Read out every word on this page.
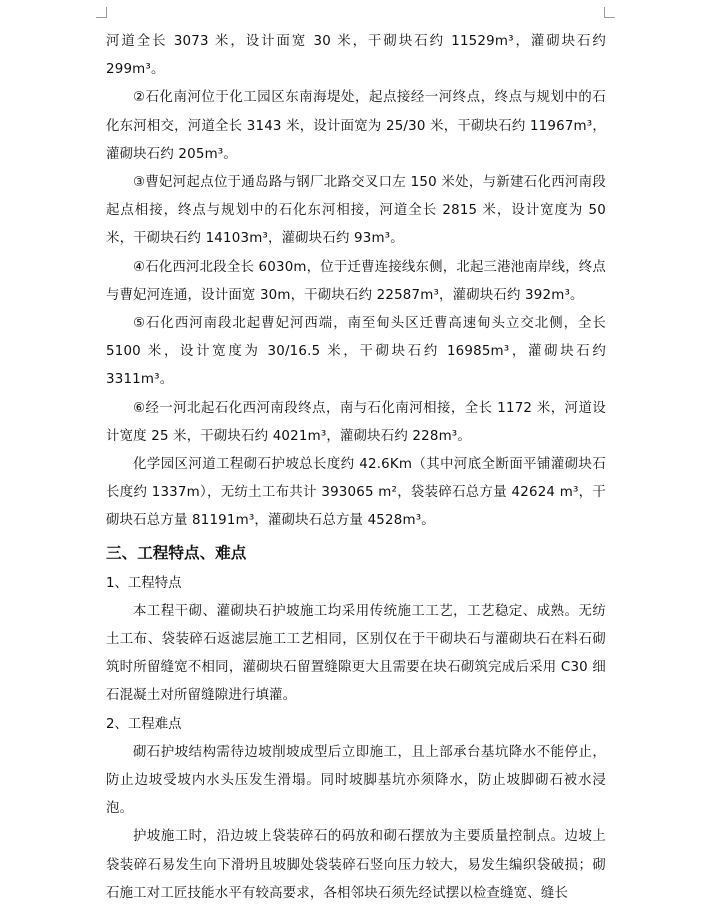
河道全长 3073 米，设计面宽 30 米，干砌块石约 11529m³，灌砌块石约 299m³。

②石化南河位于化工园区东南海堤处，起点接经一河终点，终点与规划中的石化东河相交，河道全长 3143 米，设计面宽为 25/30 米，干砌块石约 11967m³，灌砌块石约 205m³。

③曹妃河起点位于通岛路与钢厂北路交叉口左 150 米处，与新建石化西河南段起点相接，终点与规划中的石化东河相接，河道全长 2815 米，设计宽度为 50 米，干砌块石约 14103m³，灌砌块石约 93m³。

④石化西河北段全长 6030m，位于迁曹连接线东侧，北起三港池南岸线，终点与曹妃河连通，设计面宽 30m，干砌块石约 22587m³，灌砌块石约 392m³。

⑤石化西河南段北起曹妃河西端，南至甸头区迁曹高速甸头立交北侧，全长 5100 米，设计宽度为 30/16.5 米，干砌块石约 16985m³，灌砌块石约 3311m³。

⑥经一河北起石化西河南段终点，南与石化南河相接，全长 1172 米，河道设计宽度 25 米，干砌块石约 4021m³，灌砌块石约 228m³。

化学园区河道工程砌石护坡总长度约 42.6Km（其中河底全断面平铺灌砌块石长度约 1337m），无纺土工布共计 393065 m²，袋装碎石总方量 42624 m³，干砌块石总方量 81191m³，灌砌块石总方量 4528m³。

三、工程特点、难点

1、工程特点

本工程干砌、灌砌块石护坡施工均采用传统施工工艺，工艺稳定、成熟。无纺土工布、袋装碎石返滤层施工工艺相同，区别仅在于干砌块石与灌砌块石在料石砌筑时所留缝宽不相同，灌砌块石留置缝隙更大且需要在块石砌筑完成后采用 C30 细石混凝土对所留缝隙进行填灌。

2、工程难点

砌石护坡结构需待边坡削坡成型后立即施工，且上部承台基坑降水不能停止，防止边坡受坡内水头压发生滑塌。同时坡脚基坑亦须降水，防止坡脚砌石被水浸泡。

护坡施工时，沿边坡上袋装碎石的码放和砌石摆放为主要质量控制点。边坡上袋装碎石易发生向下滑坍且坡脚处袋装碎石竖向压力较大，易发生编织袋破损；砌石施工对工匠技能水平有较高要求，各相邻块石须先经试摆以检查缝宽、缝长
